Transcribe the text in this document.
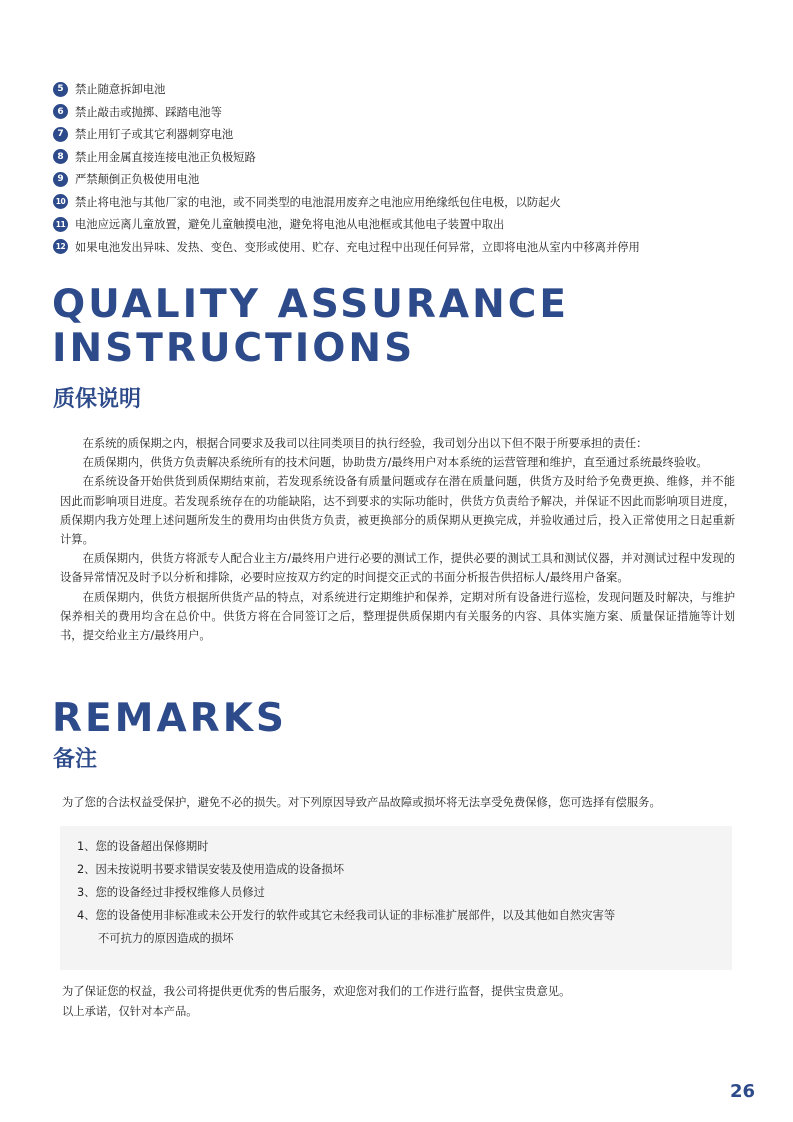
5	禁止随意拆卸电池
6	禁止敲击或抛掷、踩踏电池等
7	禁止用钉子或其它利器刺穿电池
8	禁止用金属直接连接电池正负极短路
9	严禁颠倒正负极使用电池
10 禁止将电池与其他厂家的电池，或不同类型的电池混用废弃之电池应用绝缘纸包住电极，以防起火
11 电池应远离儿童放置，避免儿童触摸电池，避免将电池从电池框或其他电子装置中取出
12 如果电池发出异味、发热、变色、变形或使用、贮存、充电过程中出现任何异常，立即将电池从室内中移离并停用
QUALITY ASSURANCE
INSTRUCTIONS
质保说明

在系统的质保期之内，根据合同要求及我司以往同类项目的执行经验，我司划分出以下但不限于所要承担的责任：

在质保期内，供货方负责解决系统所有的技术问题，协助贵方/最终用户对本系统的运营管理和维护，直至通过系统最终验收。

在系统设备开始供货到质保期结束前，若发现系统设备有质量问题或存在潜在质量问题，供货方及时给予免费更换、维修，并不能因此而影响项目进度。若发现系统存在的功能缺陷，达不到要求的实际功能时，供货方负责给予解决，并保证不因此而影响项目进度，质保期内我方处理上述问题所发生的费用均由供货方负责，被更换部分的质保期从更换完成，并验收通过后，投入正常使用之日起重新计算。

在质保期内，供货方将派专人配合业主方/最终用户进行必要的测试工作，提供必要的测试工具和测试仪器，并对测试过程中发现的设备异常情况及时予以分析和排除，必要时应按双方约定的时间提交正式的书面分析报告供招标人/最终用户备案。

在质保期内，供货方根据所供货产品的特点，对系统进行定期维护和保养，定期对所有设备进行巡检，发现问题及时解决，与维护保养相关的费用均含在总价中。供货方将在合同签订之后，整理提供质保期内有关服务的内容、具体实施方案、质量保证措施等计划书，提交给业主方/最终用户。

REMARKS
备注
为了您的合法权益受保护，避免不必的损失。对下列原因导致产品故障或损坏将无法享受免费保修，您可选择有偿服务。
1、您的设备超出保修期时
2、因未按说明书要求错误安装及使用造成的设备损坏
3、您的设备经过非授权维修人员修过
4、您的设备使用非标准或未公开发行的软件或其它未经我司认证的非标准扩展部件，以及其他如自然灾害等
不可抗力的原因造成的损坏
为了保证您的权益，我公司将提供更优秀的售后服务，欢迎您对我们的工作进行监督，提供宝贵意见。
以上承诺，仅针对本产品。
26
